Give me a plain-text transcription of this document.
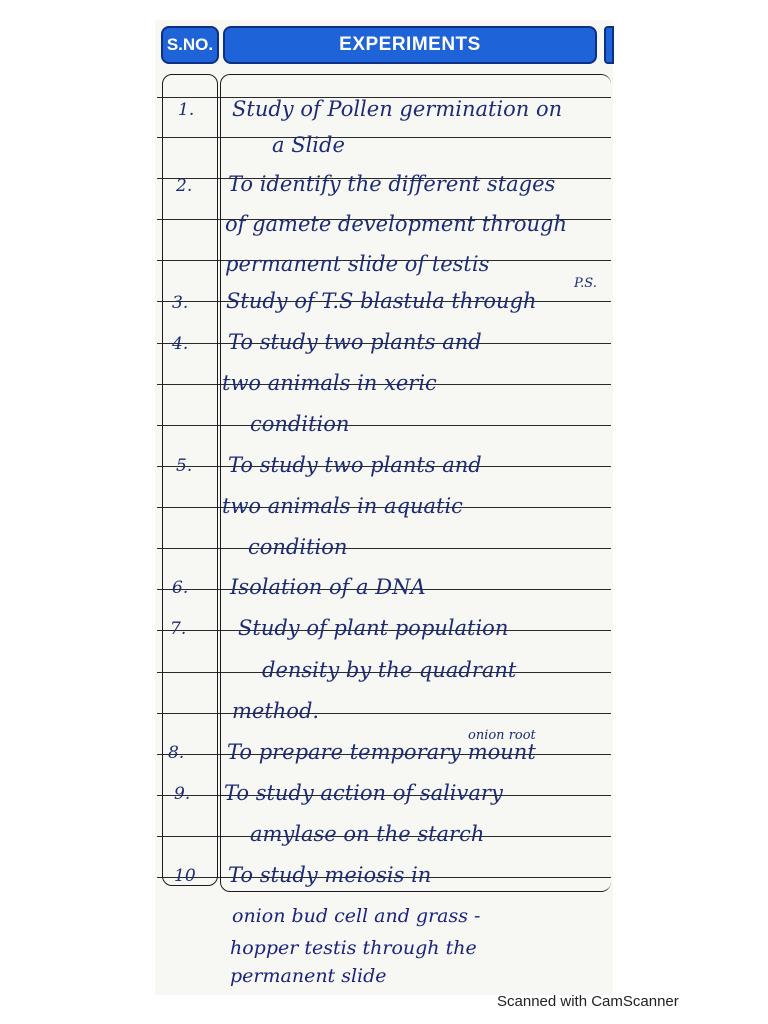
S.NO.	EXPERIMENTS
1. Study of Pollen germination on
a Slide
2. To identify the different stages
of gamete development through
permanent slide of testis
P.S.
3. Study of T.S blastula through
4. To study two plants and
two animals in xeric
condition
5. To study two plants and
two animals in aquatic
condition
6. Isolation of a DNA
7. Study of plant population
density by the quadrant
method.
onion root
8. To prepare temporary mount
9. To study action of salivary
amylase on the starch
10 To study meiosis in
onion bud cell and grass -
hopper testis through the
permanent slide
Scanned with CamScanner
